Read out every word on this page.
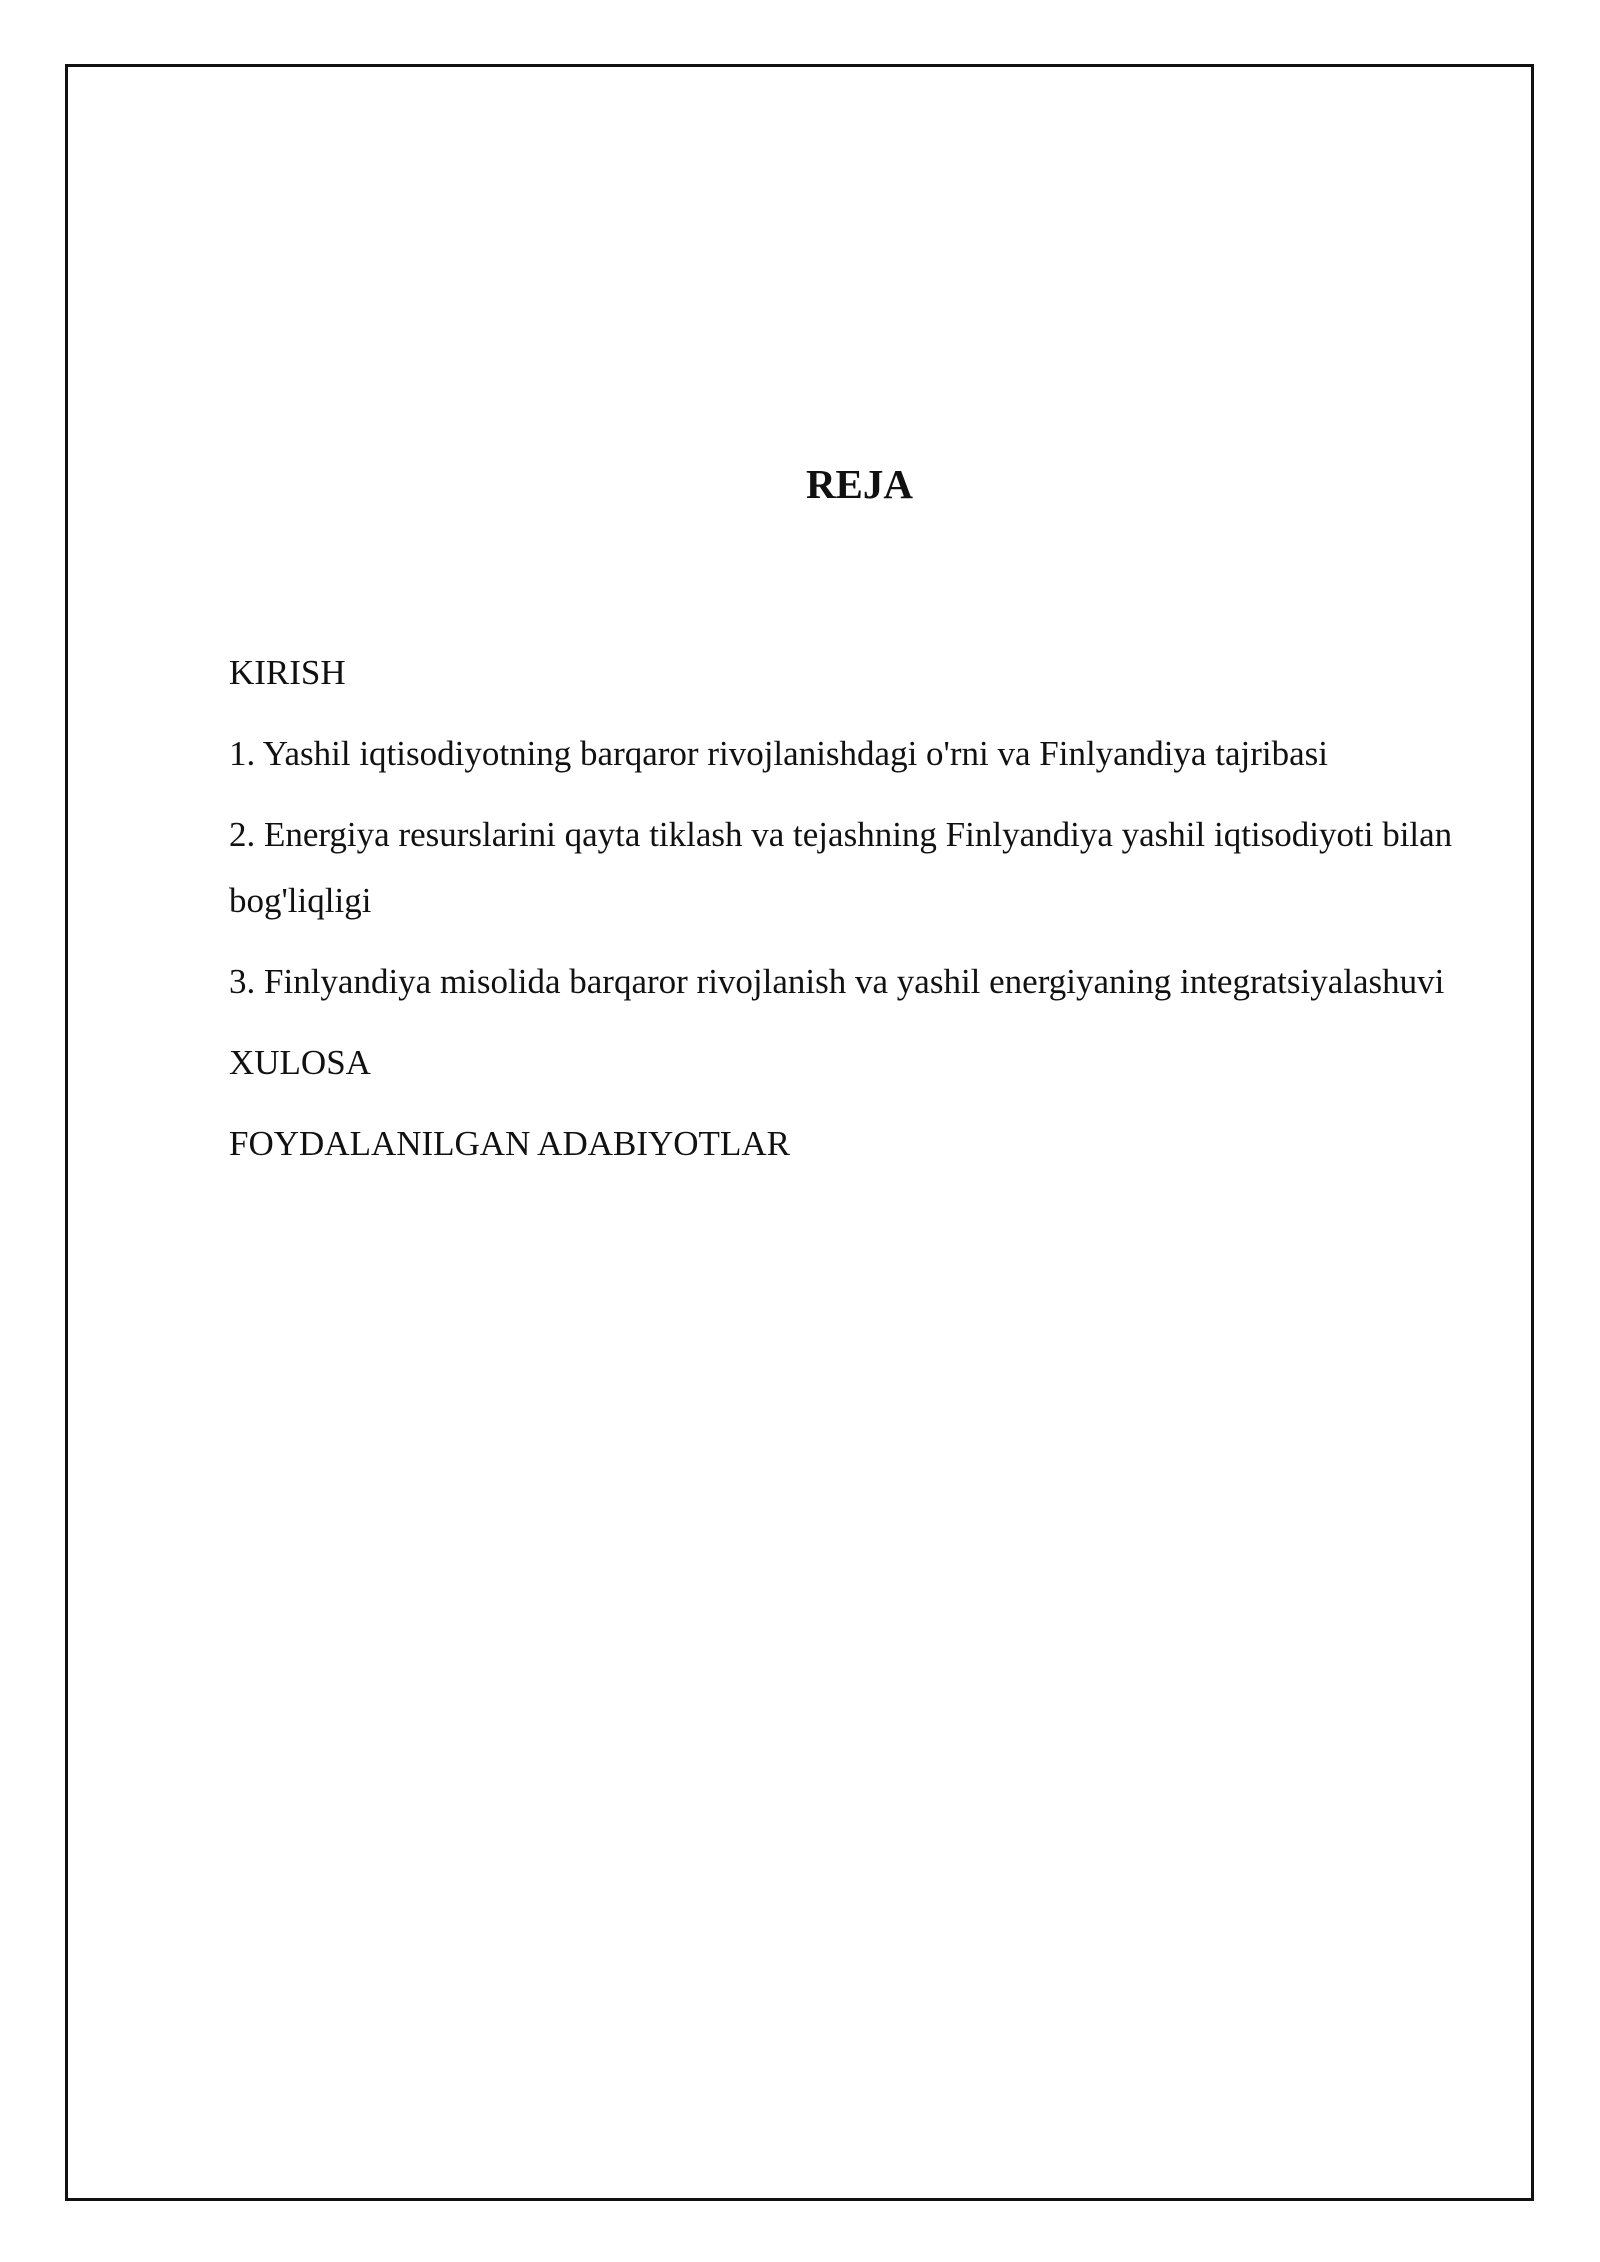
REJA
KIRISH
1. Yashil iqtisodiyotning barqaror rivojlanishdagi o'rni va Finlyandiya tajribasi
2. Energiya resurslarini qayta tiklash va tejashning Finlyandiya yashil iqtisodiyoti bilan bog'liqligi
3. Finlyandiya misolida barqaror rivojlanish va yashil energiyaning integratsiyalashuvi
XULOSA
FOYDALANILGAN ADABIYOTLAR
